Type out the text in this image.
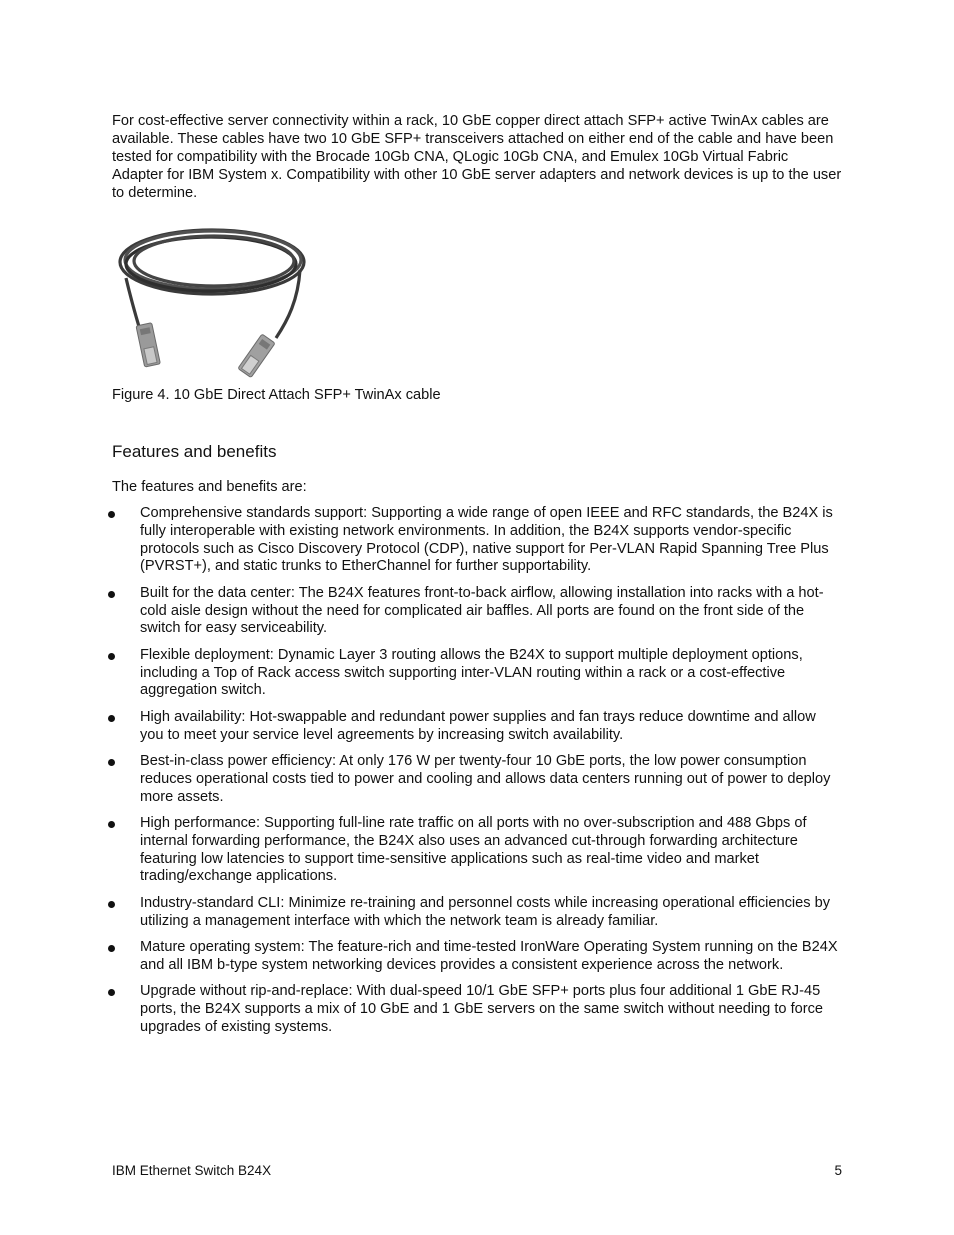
For cost-effective server connectivity within a rack, 10 GbE copper direct attach SFP+ active TwinAx cables are available. These cables have two 10 GbE SFP+ transceivers attached on either end of the cable and have been tested for compatibility with the Brocade 10Gb CNA, QLogic 10Gb CNA, and Emulex 10Gb Virtual Fabric Adapter for IBM System x. Compatibility with other 10 GbE server adapters and network devices is up to the user to determine.

Figure 4. 10 GbE Direct Attach SFP+ TwinAx cable

Features and benefits

The features and benefits are:

Comprehensive standards support: Supporting a wide range of open IEEE and RFC standards, the B24X is fully interoperable with existing network environments. In addition, the B24X supports vendor-specific protocols such as Cisco Discovery Protocol (CDP), native support for Per-VLAN Rapid Spanning Tree Plus (PVRST+), and static trunks to EtherChannel for further supportability.
Built for the data center: The B24X features front-to-back airflow, allowing installation into racks with a hot-cold aisle design without the need for complicated air baffles. All ports are found on the front side of the switch for easy serviceability.
Flexible deployment: Dynamic Layer 3 routing allows the B24X to support multiple deployment options, including a Top of Rack access switch supporting inter-VLAN routing within a rack or a cost-effective aggregation switch.
High availability: Hot-swappable and redundant power supplies and fan trays reduce downtime and allow you to meet your service level agreements by increasing switch availability.
Best-in-class power efficiency: At only 176 W per twenty-four 10 GbE ports, the low power consumption reduces operational costs tied to power and cooling and allows data centers running out of power to deploy more assets.
High performance: Supporting full-line rate traffic on all ports with no over-subscription and 488 Gbps of internal forwarding performance, the B24X also uses an advanced cut-through forwarding architecture featuring low latencies to support time-sensitive applications such as real-time video and market trading/exchange applications.
Industry-standard CLI: Minimize re-training and personnel costs while increasing operational efficiencies by utilizing a management interface with which the network team is already familiar.
Mature operating system: The feature-rich and time-tested IronWare Operating System running on the B24X and all IBM b-type system networking devices provides a consistent experience across the network.
Upgrade without rip-and-replace: With dual-speed 10/1 GbE SFP+ ports plus four additional 1 GbE RJ-45 ports, the B24X supports a mix of 10 GbE and 1 GbE servers on the same switch without needing to force upgrades of existing systems.
IBM Ethernet Switch B24X	5
